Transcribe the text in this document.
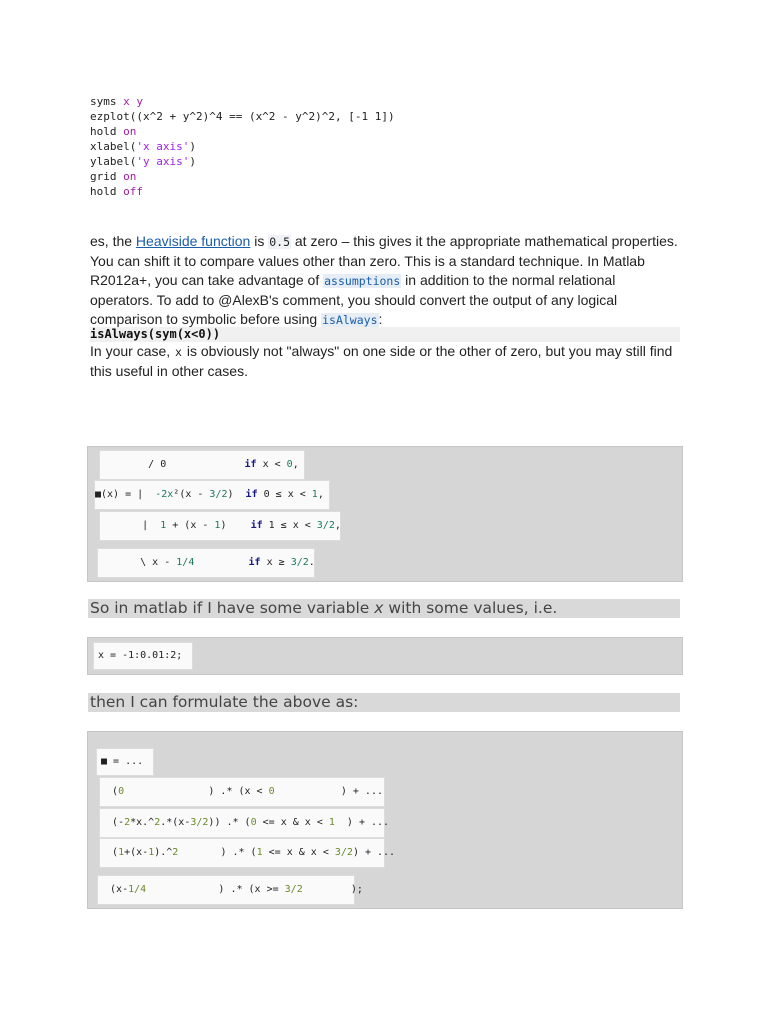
syms x y
ezplot((x^2 + y^2)^4 == (x^2 - y^2)^2, [-1 1])
hold on
xlabel('x axis')
ylabel('y axis')
grid on
hold off
es, the Heaviside function is 0.5 at zero – this gives it the appropriate mathematical properties. You can shift it to compare values other than zero. This is a standard technique. In Matlab R2012a+, you can take advantage of assumptions in addition to the normal relational operators. To add to @AlexB's comment, you should convert the output of any logical comparison to symbolic before using isAlways:
isAlways(sym(x<0))
In your case, x is obviously not "always" on one side or the other of zero, but you may still find this useful in other cases.
/ 0	if x < 0,
■(x) = |  -2x²(x - 3/2)  if 0 ≤ x < 1,
|  1 + (x - 1)    if 1 ≤ x < 3/2,
\ x - 1/4	if x ≥ 3/2.
So in matlab if I have some variable x with some values, i.e.
x = -1:0.01:2;
then I can formulate the above as:
■ = ...
(0              ) .* (x < 0           ) + ...
(-2*x.^2.*(x-3/2)) .* (0 <= x & x < 1  ) + ...
(1+(x-1).^2       ) .* (1 <= x & x < 3/2) + ...
(x-1/4            ) .* (x >= 3/2        );
